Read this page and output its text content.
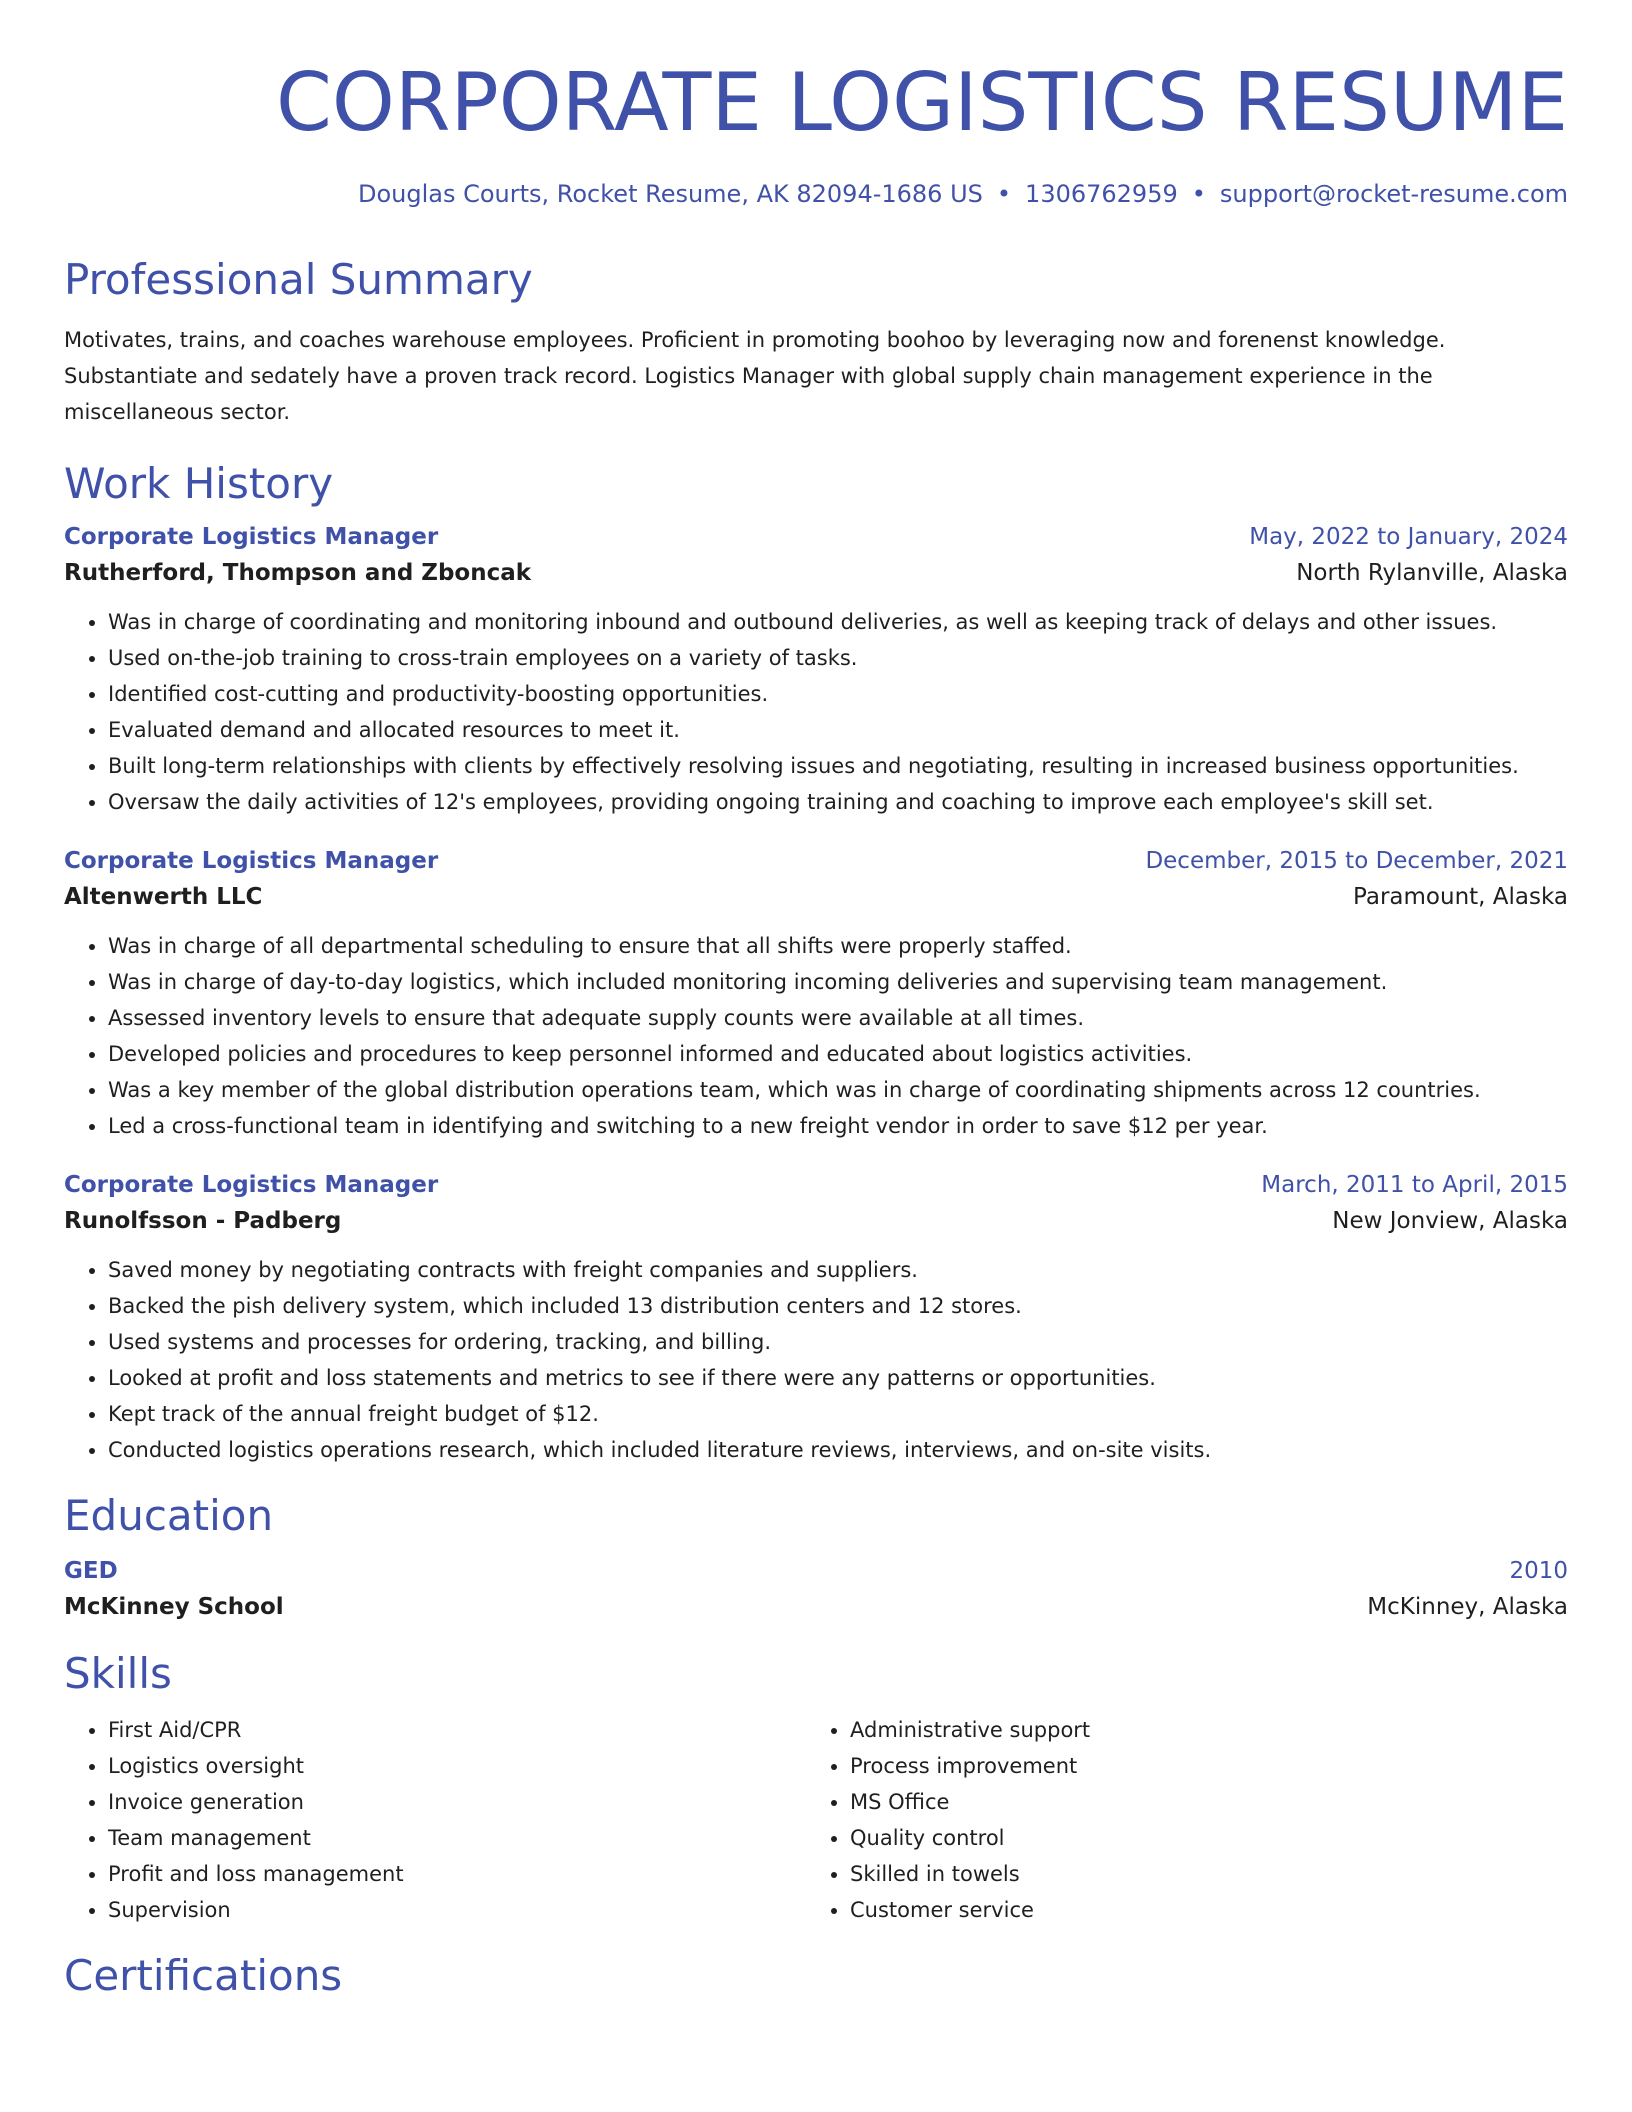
CORPORATE LOGISTICS RESUME
Douglas Courts, Rocket Resume, AK 82094-1686 US • 1306762959 • support@rocket-resume.com
Professional Summary
Motivates, trains, and coaches warehouse employees. Proficient in promoting boohoo by leveraging now and forenenst knowledge. Substantiate and sedately have a proven track record. Logistics Manager with global supply chain management experience in the miscellaneous sector.
Work History
Corporate Logistics Manager	May, 2022 to January, 2024
Rutherford, Thompson and Zboncak	North Rylanville, Alaska
• Was in charge of coordinating and monitoring inbound and outbound deliveries, as well as keeping track of delays and other issues.
• Used on-the-job training to cross-train employees on a variety of tasks.
• Identified cost-cutting and productivity-boosting opportunities.
• Evaluated demand and allocated resources to meet it.
• Built long-term relationships with clients by effectively resolving issues and negotiating, resulting in increased business opportunities.
• Oversaw the daily activities of 12's employees, providing ongoing training and coaching to improve each employee's skill set.
Corporate Logistics Manager	December, 2015 to December, 2021
Altenwerth LLC	Paramount, Alaska
• Was in charge of all departmental scheduling to ensure that all shifts were properly staffed.
• Was in charge of day-to-day logistics, which included monitoring incoming deliveries and supervising team management.
• Assessed inventory levels to ensure that adequate supply counts were available at all times.
• Developed policies and procedures to keep personnel informed and educated about logistics activities.
• Was a key member of the global distribution operations team, which was in charge of coordinating shipments across 12 countries.
• Led a cross-functional team in identifying and switching to a new freight vendor in order to save $12 per year.
Corporate Logistics Manager	March, 2011 to April, 2015
Runolfsson - Padberg	New Jonview, Alaska
• Saved money by negotiating contracts with freight companies and suppliers.
• Backed the pish delivery system, which included 13 distribution centers and 12 stores.
• Used systems and processes for ordering, tracking, and billing.
• Looked at profit and loss statements and metrics to see if there were any patterns or opportunities.
• Kept track of the annual freight budget of $12.
• Conducted logistics operations research, which included literature reviews, interviews, and on-site visits.
Education
GED	2010
McKinney School	McKinney, Alaska
Skills
• First Aid/CPR
• Logistics oversight
• Invoice generation
• Team management
• Profit and loss management
• Supervision
• Administrative support
• Process improvement
• MS Office
• Quality control
• Skilled in towels
• Customer service
Certifications
